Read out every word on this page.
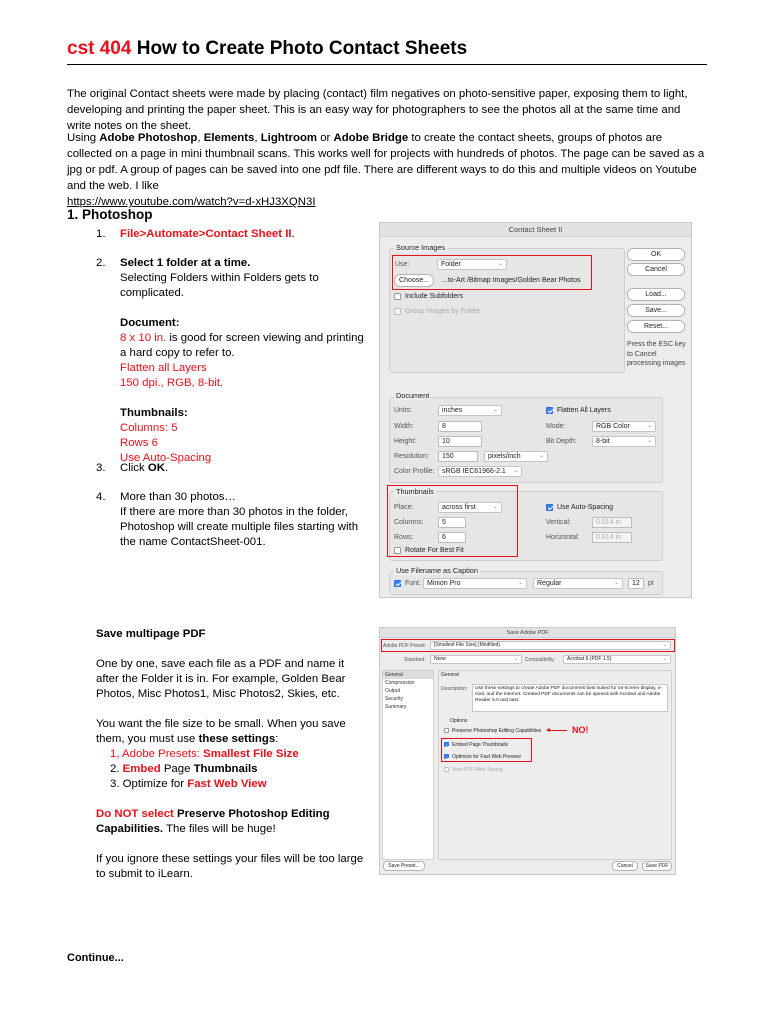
cst 404 How to Create Photo Contact Sheets
The original Contact sheets were made by placing (contact) film negatives on photo-sensitive paper, exposing them to light, developing and printing the paper sheet. This is an easy way for photographers to see the photos all at the same time and write notes on the sheet.
Using Adobe Photoshop, Elements, Lightroom or Adobe Bridge to create the contact sheets, groups of photos are collected on a page in mini thumbnail scans. This works well for projects with hundreds of photos. The page can be saved as a jpg or pdf. A group of pages can be saved into one pdf file. There are different ways to do this and multiple videos on Youtube and the web. I like
https://www.youtube.com/watch?v=d-xHJ3XQN3I
1. Photoshop
1. File>Automate>Contact Sheet II.
2. Select 1 folder at a time.
Selecting Folders within Folders gets to complicated.
Document:
8 x 10 in. is good for screen viewing and printing a hard copy to refer to.
Flatten all Layers
150 dpi., RGB, 8-bit.
Thumbnails:
Columns: 5
Rows 6
Use Auto-Spacing
3. Click OK.
4. More than 30 photos…
If there are more than 30 photos in the folder, Photoshop will create multiple files starting with the name ContactSheet-001.
Save multipage PDF
One by one, save each file as a PDF and name it after the Folder it is in. For example, Golden Bear Photos, Misc Photos1, Misc Photos2, Skies, etc.
You want the file size to be small. When you save them, you must use these settings:
1, Adobe Presets: Smallest File Size
2. Embed Page Thumbnails
3. Optimize for Fast Web View
Do NOT select Preserve Photoshop Editing Capabilities. The files will be huge!
If you ignore these settings your files will be too large to submit to iLearn.
Continue...
Contact Sheet II
Source Images
Use:	Folder	⌄
Choose...	...to-Art /Bitmap Images/Golden Bear Photos
Include Subfolders
Group Images by Folder
OK
Cancel
Load...
Save...
Reset...
Press the ESC key to Cancel processing images
Document
Units:	inches	⌄
Width:	8
Height:	10
Resolution:	150	pixels/inch	⌄
Color Profile:	sRGB IEC61966-2.1 ⌄
Flatten All Layers
Mode:	RGB Color	⌄
Bit Depth:	8-bit	⌄
Thumbnails
Place:	across first	⌄
Columns:	5
Rows:	6
Rotate For Best Fit
Use Auto-Spacing
Vertical:	0.014 in
Horizontal:	0.014 in
Use Filename as Caption
Font: Minion Pro	⌄	Regular	⌄	12	pt
Save Adobe PDF
Adobe PDF Preset:	[Smallest File Size] (Modified)	⌄
Standard:	None	⌄ Compatibility:	Acrobat 6 (PDF 1.5)	⌄
General
Compression
Output
Security
Summary
General
Description:	Use these settings to create Adobe PDF documents best suited for on-screen display, e-mail, and the Internet. Created PDF documents can be opened with Acrobat and Adobe Reader 5.0 and later.
Options
Preserve Photoshop Editing Capabilities	NO!
Embed Page Thumbnails
Optimize for Fast Web Preview
View PDF After Saving
Save Preset...	Cancel	Save PDF
